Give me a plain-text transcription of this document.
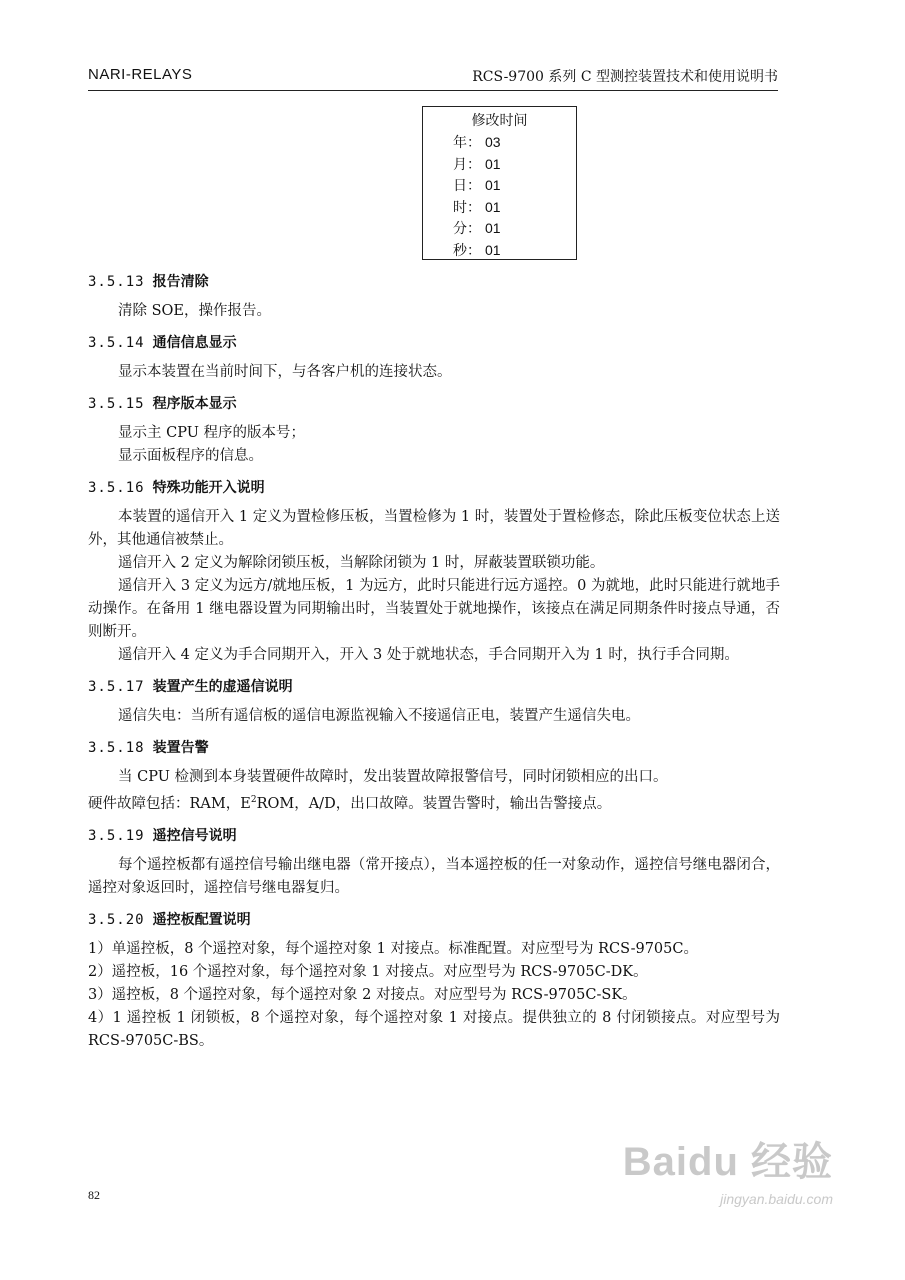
NARI-RELAYS	RCS-9700 系列 C 型测控装置技术和使用说明书
修改时间
年： 03
月： 01
日： 01
时： 01
分： 01
秒： 01
3.5.13 报告清除

清除 SOE，操作报告。

3.5.14 通信信息显示

显示本装置在当前时间下，与各客户机的连接状态。

3.5.15 程序版本显示

显示主 CPU 程序的版本号；

显示面板程序的信息。

3.5.16 特殊功能开入说明

本装置的遥信开入 1 定义为置检修压板，当置检修为 1 时，装置处于置检修态，除此压板变位状态上送外，其他通信被禁止。

遥信开入 2 定义为解除闭锁压板，当解除闭锁为 1 时，屏蔽装置联锁功能。

遥信开入 3 定义为远方/就地压板，1 为远方，此时只能进行远方遥控。0 为就地，此时只能进行就地手动操作。在备用 1 继电器设置为同期输出时，当装置处于就地操作，该接点在满足同期条件时接点导通，否则断开。

遥信开入 4 定义为手合同期开入，开入 3 处于就地状态，手合同期开入为 1 时，执行手合同期。

3.5.17 装置产生的虚遥信说明

遥信失电：当所有遥信板的遥信电源监视输入不接遥信正电，装置产生遥信失电。

3.5.18 装置告警

当 CPU 检测到本身装置硬件故障时，发出装置故障报警信号，同时闭锁相应的出口。

硬件故障包括：RAM，$E^2ROM$，A/D，出口故障。装置告警时，输出告警接点。

3.5.19 遥控信号说明

每个遥控板都有遥控信号输出继电器（常开接点），当本遥控板的任一对象动作，遥控信号继电器闭合，遥控对象返回时，遥控信号继电器复归。

3.5.20 遥控板配置说明

1）单遥控板，8 个遥控对象，每个遥控对象 1 对接点。标准配置。对应型号为 RCS-9705C。

2）遥控板，16 个遥控对象，每个遥控对象 1 对接点。对应型号为 RCS-9705C-DK。

3）遥控板，8 个遥控对象，每个遥控对象 2 对接点。对应型号为 RCS-9705C-SK。

4）1 遥控板 1 闭锁板，8 个遥控对象，每个遥控对象 1 对接点。提供独立的 8 付闭锁接点。对应型号为 RCS-9705C-BS。

82
Baidu 经验
jingyan.baidu.com
